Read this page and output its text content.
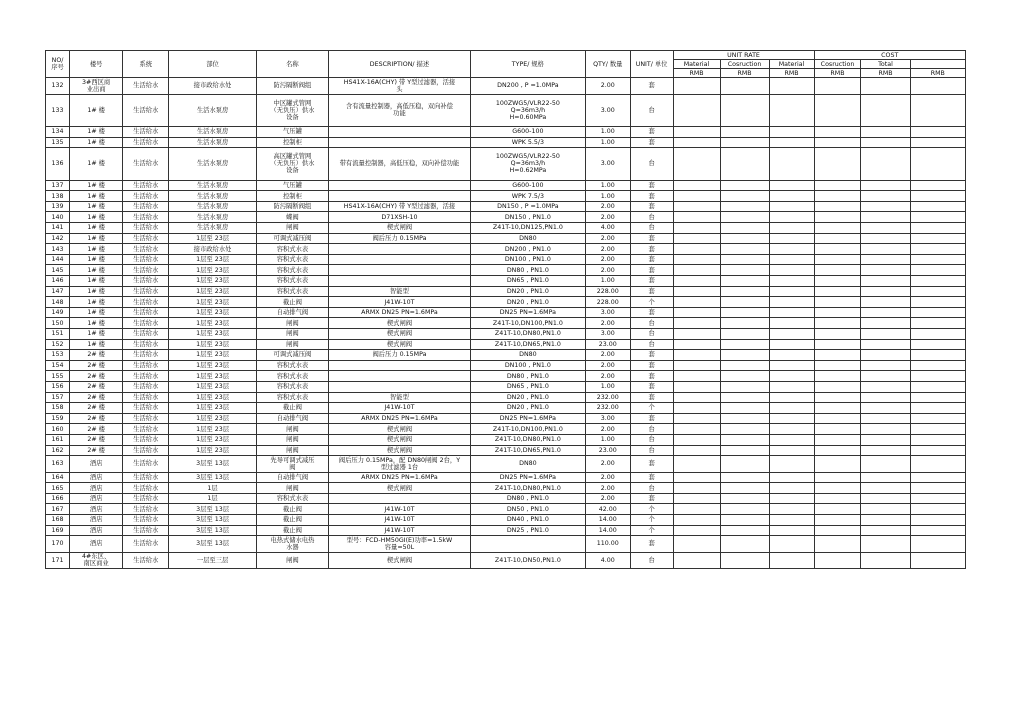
NO/
序号	楼号	系统	部位	名称	DESCRIPTION/ 描述	TYPE/ 规格	QTY/ 数量	UNIT/ 单位	UNIT RATE			COST		
									Material	Cosruction	Material	Cosruction	Total	
									RMB	RMB	RMB	RMB	RMB	RMB
132	3#西区商
业出商	生活给水	接市政给水处	防污隔断阀组	HS41X-16A(CHY) 带 Y型过滤器，活接
头	DN200 , P =1.0MPa	2.00	套						
133	1# 楼	生活给水	生活水泵房	中区罐式管网
（无负压）供水
设备	含有流量控制器，高低压稳，双向补偿
功能	100ZWG5/VLR22-50
Q=36m3/h
H=0.60MPa	3.00	台						
134	1# 楼	生活给水	生活水泵房	气压罐		G600-100	1.00	套						
135	1# 楼	生活给水	生活水泵房	控制柜		WPK 5.5/3	1.00	套						
136	1# 楼	生活给水	生活水泵房	高区罐式管网
（无负压）供水
设备	带有流量控制器，高低压稳，双向补偿功能	100ZWG5/VLR22-50
Q=36m3/h
H=0.62MPa	3.00	台						
137	1# 楼	生活给水	生活水泵房	气压罐		G600-100	1.00	套						
138	1# 楼	生活给水	生活水泵房	控制柜		WPK 7.5/3	1.00	套						
139	1# 楼	生活给水	生活水泵房	防污隔断阀组	HS41X-16A(CHY) 带 Y型过滤器，活接	DN150 , P =1.0MPa	2.00	套						
140	1# 楼	生活给水	生活水泵房	蝶阀	D71XSH-10	DN150 , PN1.0	2.00	台						
141	1# 楼	生活给水	生活水泵房	闸阀	楔式闸阀	Z41T-10,DN125,PN1.0	4.00	台						
142	1# 楼	生活给水	1层至 23层	可调式减压阀	阀后压力 0.15MPa	DN80	2.00	套						
143	1# 楼	生活给水	接市政给水处	容积式水表		DN200 , PN1.0	2.00	套						
144	1# 楼	生活给水	1层至 23层	容积式水表		DN100 , PN1.0	2.00	套						
145	1# 楼	生活给水	1层至 23层	容积式水表		DN80 , PN1.0	2.00	套						
146	1# 楼	生活给水	1层至 23层	容积式水表		DN65 , PN1.0	1.00	套						
147	1# 楼	生活给水	1层至 23层	容积式水表	智能型	DN20 , PN1.0	228.00	套						
148	1# 楼	生活给水	1层至 23层	截止阀	J41W-10T	DN20 , PN1.0	228.00	个						
149	1# 楼	生活给水	1层至 23层	自动排气阀	ARMX DN25 PN=1.6MPa	DN25 PN=1.6MPa	3.00	套						
150	1# 楼	生活给水	1层至 23层	闸阀	楔式闸阀	Z41T-10,DN100,PN1.0	2.00	台						
151	1# 楼	生活给水	1层至 23层	闸阀	楔式闸阀	Z41T-10,DN80,PN1.0	3.00	台						
152	1# 楼	生活给水	1层至 23层	闸阀	楔式闸阀	Z41T-10,DN65,PN1.0	23.00	台						
153	2# 楼	生活给水	1层至 23层	可调式减压阀	阀后压力 0.15MPa	DN80	2.00	套						
154	2# 楼	生活给水	1层至 23层	容积式水表		DN100 , PN1.0	2.00	套						
155	2# 楼	生活给水	1层至 23层	容积式水表		DN80 , PN1.0	2.00	套						
156	2# 楼	生活给水	1层至 23层	容积式水表		DN65 , PN1.0	1.00	套						
157	2# 楼	生活给水	1层至 23层	容积式水表	智能型	DN20 , PN1.0	232.00	套						
158	2# 楼	生活给水	1层至 23层	截止阀	J41W-10T	DN20 , PN1.0	232.00	个						
159	2# 楼	生活给水	1层至 23层	自动排气阀	ARMX DN25 PN=1.6MPa	DN25 PN=1.6MPa	3.00	套						
160	2# 楼	生活给水	1层至 23层	闸阀	楔式闸阀	Z41T-10,DN100,PN1.0	2.00	台						
161	2# 楼	生活给水	1层至 23层	闸阀	楔式闸阀	Z41T-10,DN80,PN1.0	1.00	台						
162	2# 楼	生活给水	1层至 23层	闸阀	楔式闸阀	Z41T-10,DN65,PN1.0	23.00	台						
163	酒店	生活给水	3层至 13层	先导可调式减压
阀	阀后压力 0.15MPa，配 DN80闸阀 2台，Y
型过滤器 1台	DN80	2.00	套						
164	酒店	生活给水	3层至 13层	自动排气阀	ARMX DN25 PN=1.6MPa	DN25 PN=1.6MPa	2.00	套						
165	酒店	生活给水	1层	闸阀	楔式闸阀	Z41T-10,DN80,PN1.0	2.00	台						
166	酒店	生活给水	1层	容积式水表		DN80 , PN1.0	2.00	套						
167	酒店	生活给水	3层至 13层	截止阀	J41W-10T	DN50 , PN1.0	42.00	个						
168	酒店	生活给水	3层至 13层	截止阀	J41W-10T	DN40 , PN1.0	14.00	个						
169	酒店	生活给水	3层至 13层	截止阀	J41W-10T	DN25 , PN1.0	14.00	个						
170	酒店	生活给水	3层至 13层	电热式储水电热
水器	型号：FCD-HM50GI(E)功率=1.5kW
容量=50L		110.00	套						
171	4#东区、
南区商业	生活给水	一层至三层	闸阀	楔式闸阀	Z41T-10,DN50,PN1.0	4.00	台						
